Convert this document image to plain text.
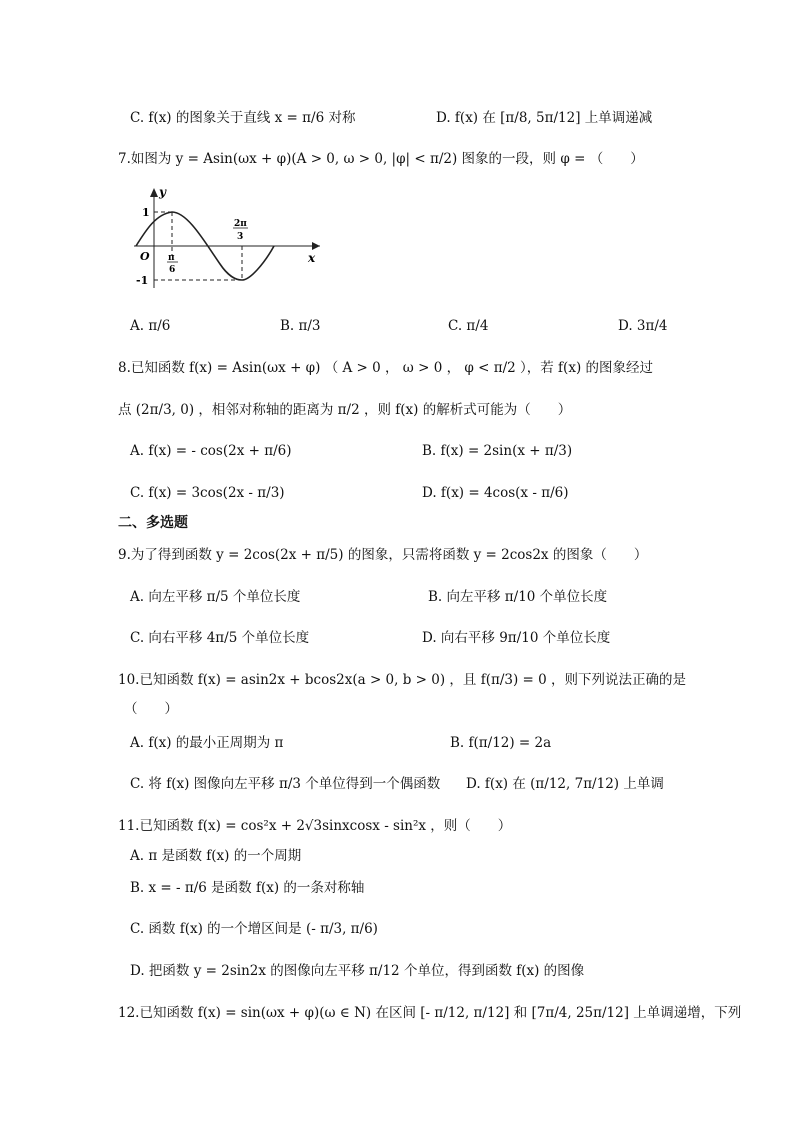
C. f(x) 的图象关于直线 x = π/6 对称	D. f(x) 在 [π/8, 5π/12] 上单调递减
7.如图为 y = Asin(ωx + φ)(A > 0, ω > 0, |φ| < π/2) 图象的一段，则 φ = （　　）
y
x
O
1
-1
π
6
2π
3
A. π/6	B. π/3	C. π/4	D. 3π/4
8.已知函数 f(x) = Asin(ωx + φ) （ A > 0 ， ω > 0 ， φ < π/2 ），若 f(x) 的图象经过
点 (2π/3, 0) ，相邻对称轴的距离为 π/2 ，则 f(x) 的解析式可能为（　　）
A. f(x) = - cos(2x + π/6)	B. f(x) = 2sin(x + π/3)
C. f(x) = 3cos(2x - π/3)	D. f(x) = 4cos(x - π/6)
二、多选题
9.为了得到函数 y = 2cos(2x + π/5) 的图象，只需将函数 y = 2cos2x 的图象（　　）
A. 向左平移 π/5 个单位长度	B. 向左平移 π/10 个单位长度
C. 向右平移 4π/5 个单位长度	D. 向右平移 9π/10 个单位长度
10.已知函数 f(x) = asin2x + bcos2x(a > 0, b > 0) ，且 f(π/3) = 0 ，则下列说法正确的是
（　　）
A. f(x) 的最小正周期为 π	B. f(π/12) = 2a
C. 将 f(x) 图像向左平移 π/3 个单位得到一个偶函数 D. f(x) 在 (π/12, 7π/12) 上单调
11.已知函数 f(x) = cos²x + 2√3sinxcosx - sin²x ，则（　　）
A. π 是函数 f(x) 的一个周期
B. x = - π/6 是函数 f(x) 的一条对称轴
C. 函数 f(x) 的一个增区间是 (- π/3, π/6)
D. 把函数 y = 2sin2x 的图像向左平移 π/12 个单位，得到函数 f(x) 的图像
12.已知函数 f(x) = sin(ωx + φ)(ω ∈ N) 在区间 [- π/12, π/12] 和 [7π/4, 25π/12] 上单调递增，下列
